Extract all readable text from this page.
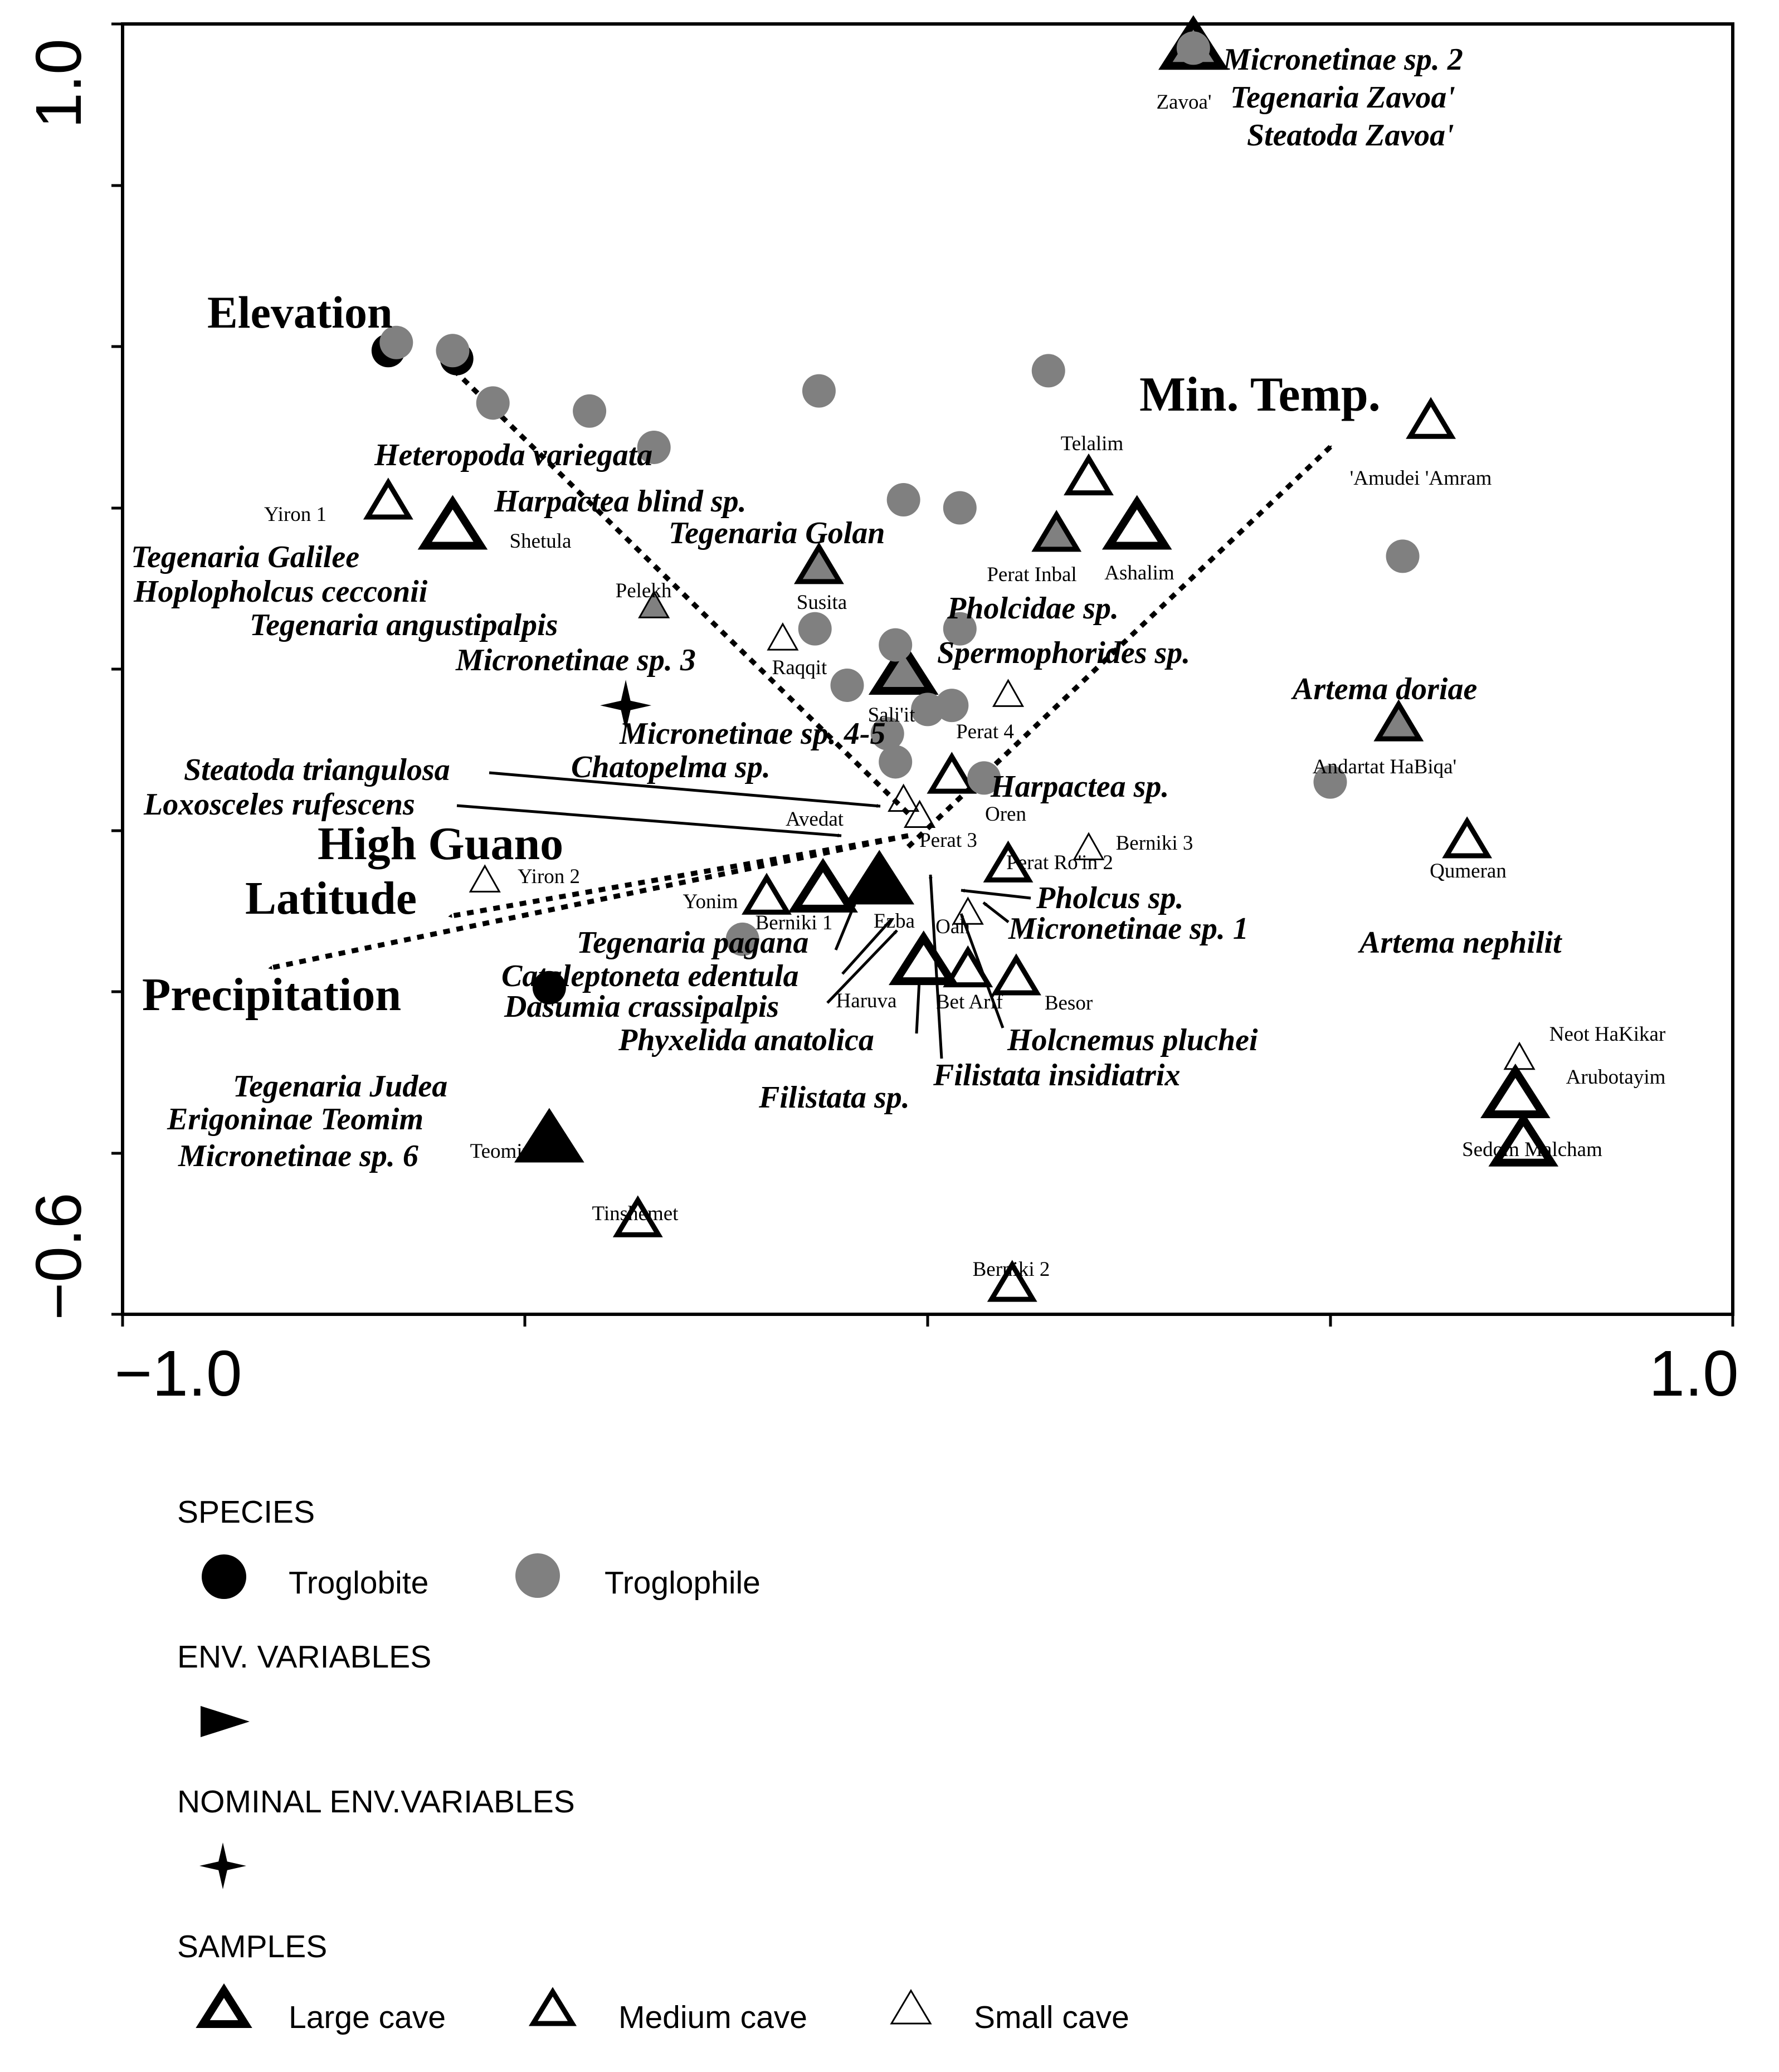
1.0
−0.6
−1.0	1.0
Elevation
Min. Temp.
High Guano
Latitude
Precipitation
Micronetinae sp. 2
Tegenaria Zavoa'
Steatoda Zavoa'
Heteropoda variegata
Harpactea blind sp.
Tegenaria Golan
Tegenaria Galilee
Hoplopholcus cecconii
Tegenaria angustipalpis
Micronetinae sp. 3
Pholcidae sp.
Spermophorides sp.
Artema doriae
Micronetinae sp. 4-5
Steatoda triangulosa	Chatopelma sp.
Loxosceles rufescens
Harpactea sp.
Pholcus sp.
Micronetinae sp. 1	Artema nephilit
Tegenaria pagana
Cataleptoneta edentula
Dasumia crassipalpis
Phyxelida anatolica	Holcnemus pluchei
Filistata insidiatrix
Filistata sp.
Tegenaria Judea
Erigoninae Teomim
Micronetinae sp. 6
Zavoa'
'Amudei 'Amram
Telalim
Ashalim
Perat Inbal
Yiron 1
Shetula
Pelekh
Susita
Raqqit
Sali'it
Perat 4
Andartat HaBiqa'
Oren
Avedat
Perat 3	Berniki 3
Perat Ro'in 2	Qumeran
Yiron 2
Yonim
Berniki 1 Ezba Oah
Haruva Bet Arif Besor
Neot HaKikar
Arubotayim
Sedom Malcham
Teomim
Tinshemet
Berniki 2
SPECIES
Troglobite	Troglophile
ENV. VARIABLES
NOMINAL ENV.VARIABLES
SAMPLES
Large cave	Medium cave	Small cave
